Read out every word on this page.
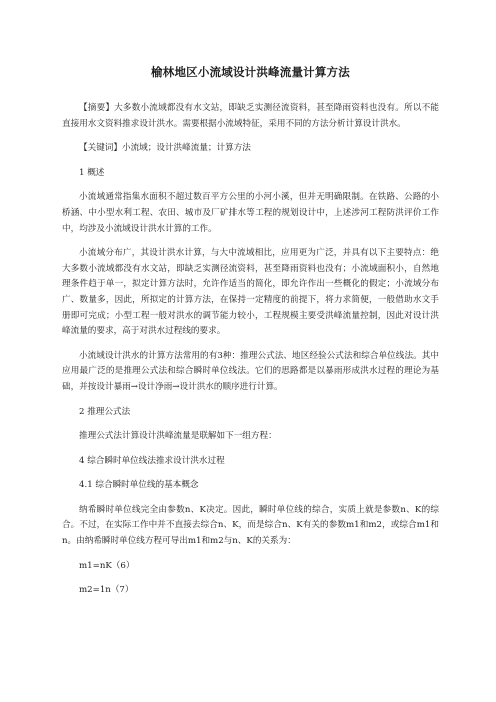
榆林地区小流域设计洪峰流量计算方法

【摘要】大多数小流域都没有水文站，即缺乏实测径流资料，甚至降雨资料也没有。所以不能直接用水文资料推求设计洪水。需要根据小流域特征，采用不同的方法分析计算设计洪水。

【关键词】小流域；设计洪峰流量；计算方法

1 概述

小流域通常指集水面积不超过数百平方公里的小河小溪，但并无明确限制。在铁路、公路的小桥涵、中小型水利工程、农田、城市及厂矿排水等工程的规划设计中，上述涉河工程防洪评价工作中，均涉及小流域设计洪水计算的工作。

小流域分布广，其设计洪水计算，与大中流域相比，应用更为广泛，并具有以下主要特点：绝大多数小流域都没有水文站，即缺乏实测径流资料，甚至降雨资料也没有；小流域面积小，自然地理条件趋于单一，拟定计算方法时，允许作适当的简化，即允许作出一些概化的假定；小流域分布广、数量多，因此，所拟定的计算方法，在保持一定精度的前提下，将力求简便，一般借助水文手册即可完成；小型工程一般对洪水的调节能力较小，工程规模主要受洪峰流量控制，因此对设计洪峰流量的要求，高于对洪水过程线的要求。

小流域设计洪水的计算方法常用的有3种：推理公式法、地区经验公式法和综合单位线法。其中应用最广泛的是推理公式法和综合瞬时单位线法。它们的思路都是以暴雨形成洪水过程的理论为基础，并按设计暴雨→设计净雨→设计洪水的顺序进行计算。

2 推理公式法

推理公式法计算设计洪峰流量是联解如下一组方程：

4 综合瞬时单位线法推求设计洪水过程

4.1 综合瞬时单位线的基本概念

纳希瞬时单位线完全由参数n、K决定。因此，瞬时单位线的综合，实质上就是参数n、K的综合。不过，在实际工作中并不直接去综合n、K，而是综合n、K有关的参数m1和m2，或综合m1和n。由纳希瞬时单位线方程可导出m1和m2与n、K的关系为：

m1=nK（6）

m2=1n（7）
